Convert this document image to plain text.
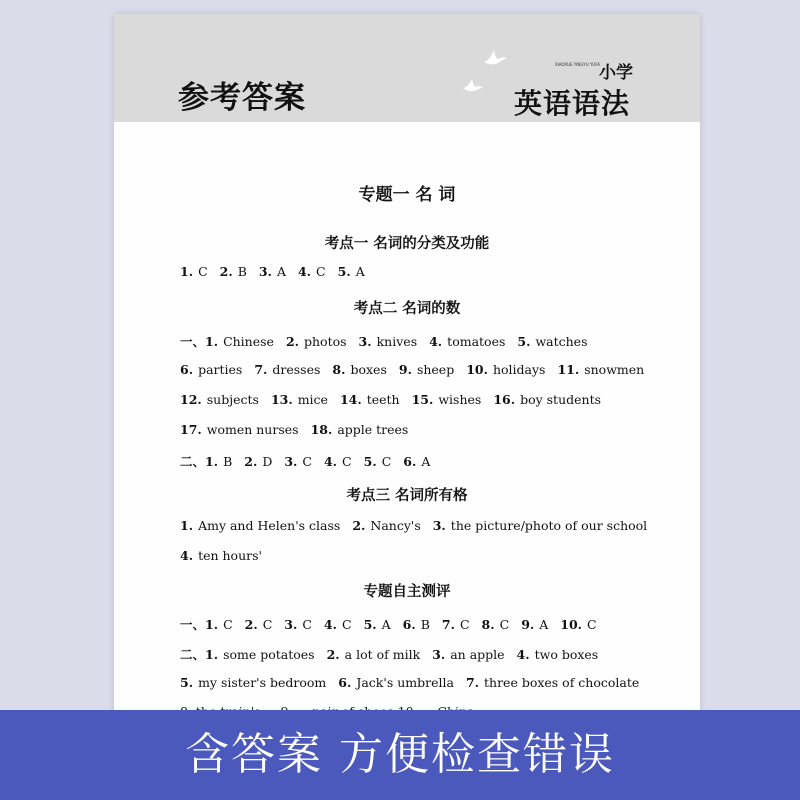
参考答案
XIAOXUE YINGYU YUFA 小学
英语语法
专题一 名 词
考点一 名词的分类及功能
1. C 2. B 3. A 4. C 5. A
考点二 名词的数
一、1. Chinese 2. photos 3. knives 4. tomatoes 5. watches
6. parties 7. dresses 8. boxes 9. sheep 10. holidays 11. snowmen
12. subjects 13. mice 14. teeth 15. wishes 16. boy students
17. women nurses 18. apple trees
二、1. B 2. D 3. C 4. C 5. C 6. A
考点三 名词所有格
1. Amy and Helen's class 2. Nancy's 3. the picture/photo of our school
4. ten hours'
专题自主测评
一、1. C 2. C 3. C 4. C 5. A 6. B 7. C 8. C 9. A 10. C
二、1. some potatoes 2. a lot of milk 3. an apple 4. two boxes
5. my sister's bedroom 6. Jack's umbrella 7. three boxes of chocolate
含答案 方便检查错误
